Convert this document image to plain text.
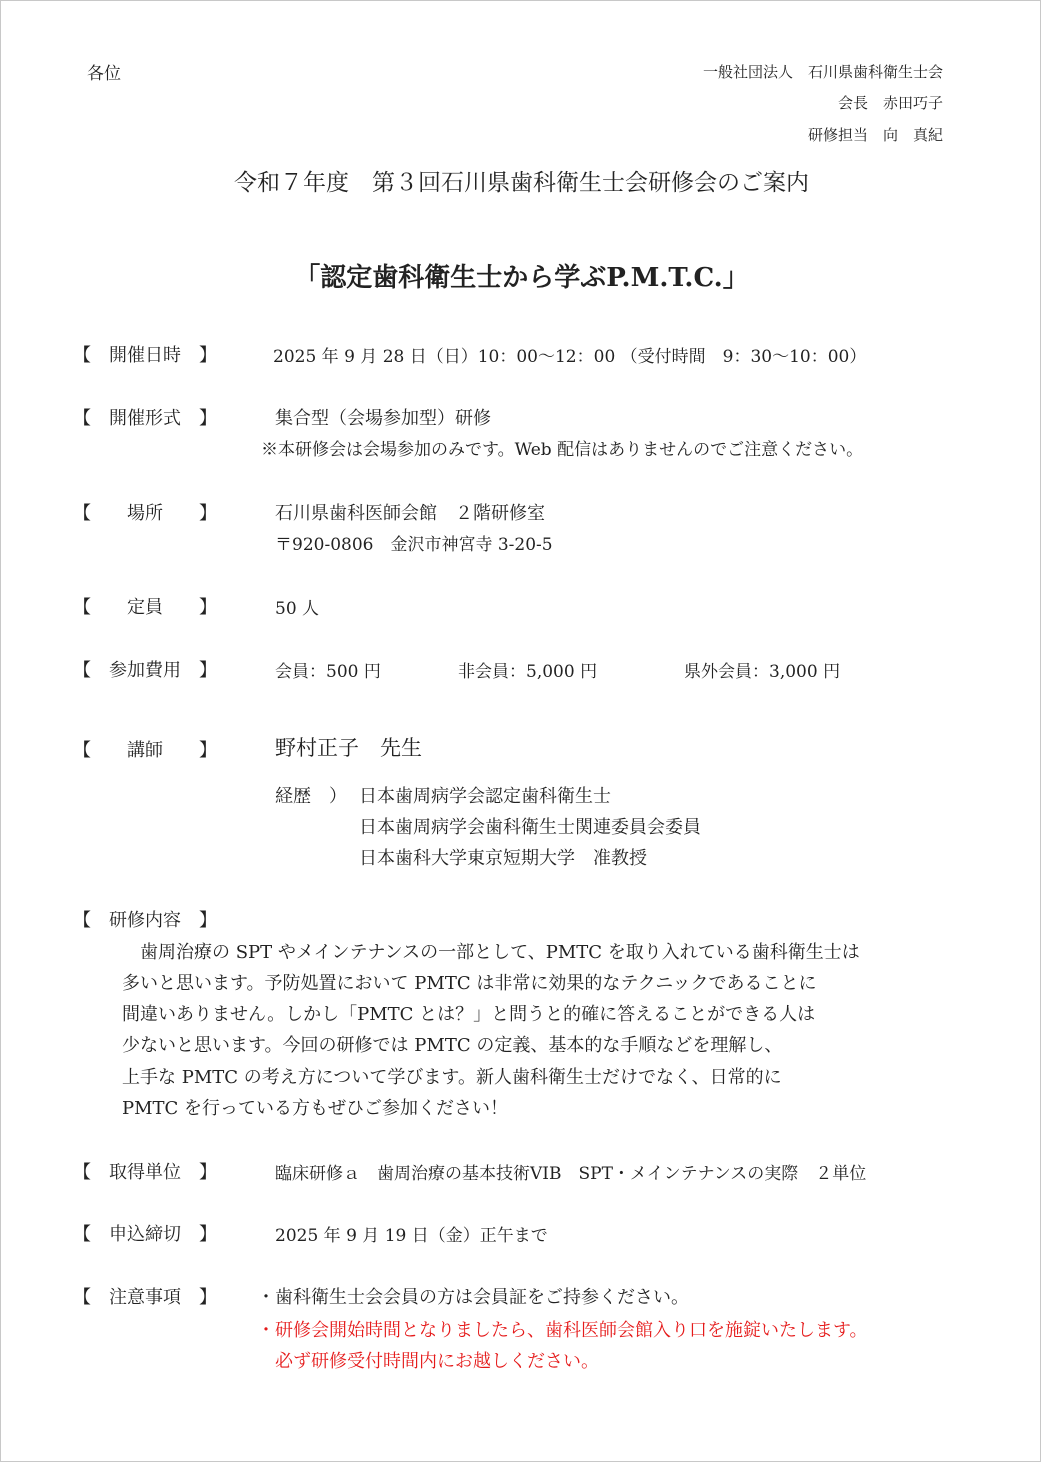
各位	一般社団法人　石川県歯科衛生士会
会長　赤田巧子
研修担当　向　真紀
令和７年度　第３回石川県歯科衛生士会研修会のご案内
「認定歯科衛生士から学ぶP.M.T.C.」
【　開催日時　】	2025 年 9 月 28 日（日）10：00～12：00 （受付時間　9：30～10：00）
【　開催形式　】	集合型（会場参加型）研修
※本研修会は会場参加のみです。Web 配信はありませんのでご注意ください。
【　　場所　　】	石川県歯科医師会館　２階研修室
〒920-0806　金沢市神宮寺 3-20-5
【　　定員　　】	50 人
【　参加費用　】	会員：500 円	非会員：5,000 円	県外会員：3,000 円
【　　講師　　】	野村正子　先生
経歴　） 日本歯周病学会認定歯科衛生士
日本歯周病学会歯科衛生士関連委員会委員
日本歯科大学東京短期大学　准教授
【　研修内容　】
　歯周治療の SPT やメインテナンスの一部として、PMTC を取り入れている歯科衛生士は
多いと思います。予防処置において PMTC は非常に効果的なテクニックであることに
間違いありません。しかし「PMTC とは？」と問うと的確に答えることができる人は
少ないと思います。今回の研修では PMTC の定義、基本的な手順などを理解し、
上手な PMTC の考え方について学びます。新人歯科衛生士だけでなく、日常的に
PMTC を行っている方もぜひご参加ください！
【　取得単位　】	臨床研修ａ　歯周治療の基本技術VIB　SPT・メインテナンスの実際　２単位
【　申込締切　】	2025 年 9 月 19 日（金）正午まで
【　注意事項　】 ・歯科衛生士会会員の方は会員証をご持参ください。
・研修会開始時間となりましたら、歯科医師会館入り口を施錠いたします。
必ず研修受付時間内にお越しください。
